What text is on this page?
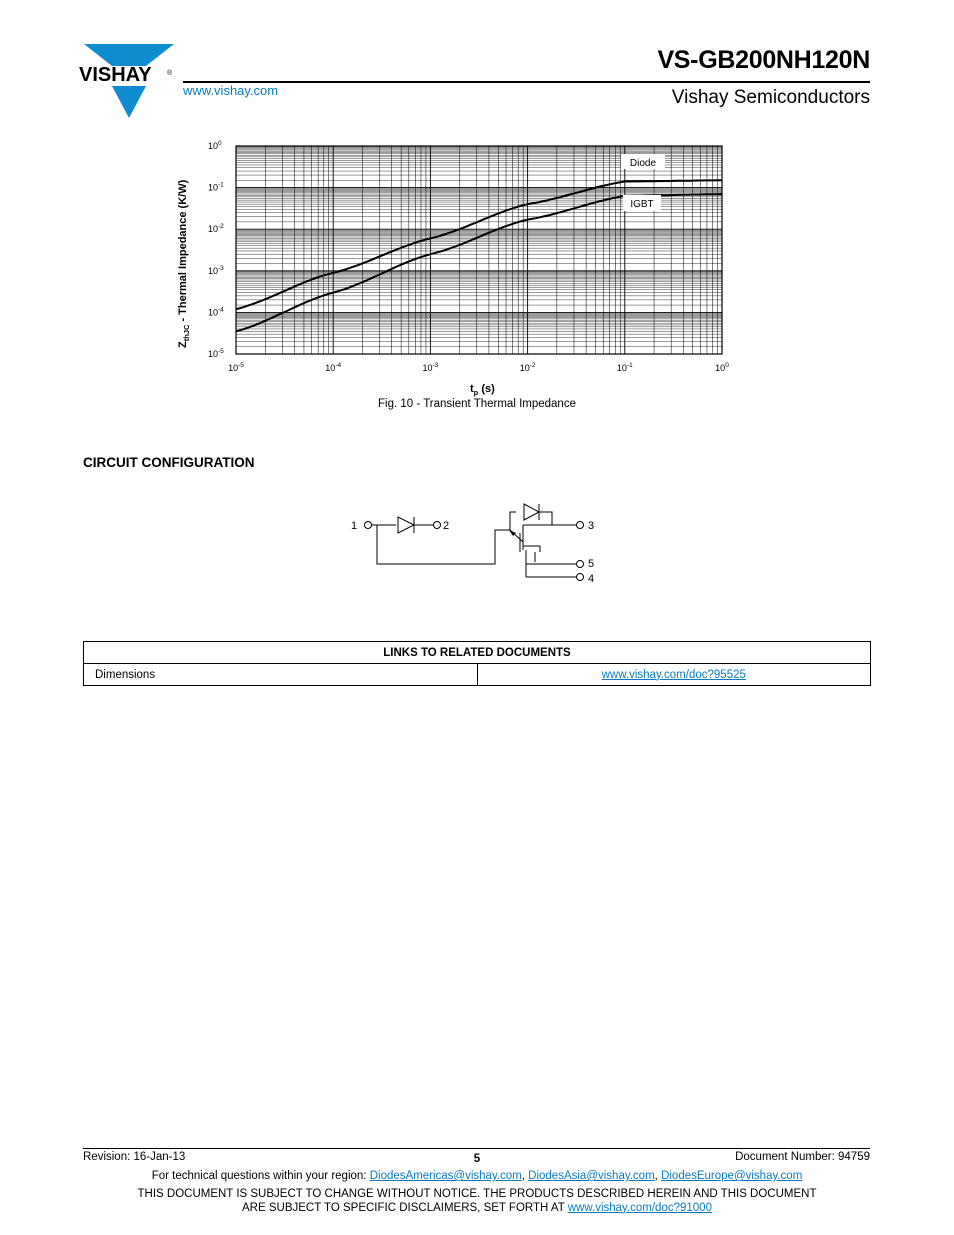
VISHAY ®	VS-GB200NH120N
www.vishay.com	Vishay Semiconductors
$10^0$
$10^{-1}$
$10^{-2}$
$10^{-3}$
$10^{-4}$
$10^{-5}$
$10^{-5}$	$10^{-4}$	$10^{-3}$	$10^{-2}$	$10^{-1}$	$10^0$
Diode
IGBT
$Z_{thJC}$ - Thermal Impedance (K/W)
$t_p$ (s)
Fig. 10 - Transient Thermal Impedance
CIRCUIT CONFIGURATION
1	2	3
5
4
LINKS TO RELATED DOCUMENTS
Dimensions	www.vishay.com/doc?95525
Revision: 16-Jan-13	5	Document Number: 94759
For technical questions within your region: DiodesAmericas@vishay.com, DiodesAsia@vishay.com, DiodesEurope@vishay.com
THIS DOCUMENT IS SUBJECT TO CHANGE WITHOUT NOTICE. THE PRODUCTS DESCRIBED HEREIN AND THIS DOCUMENT
ARE SUBJECT TO SPECIFIC DISCLAIMERS, SET FORTH AT www.vishay.com/doc?91000
